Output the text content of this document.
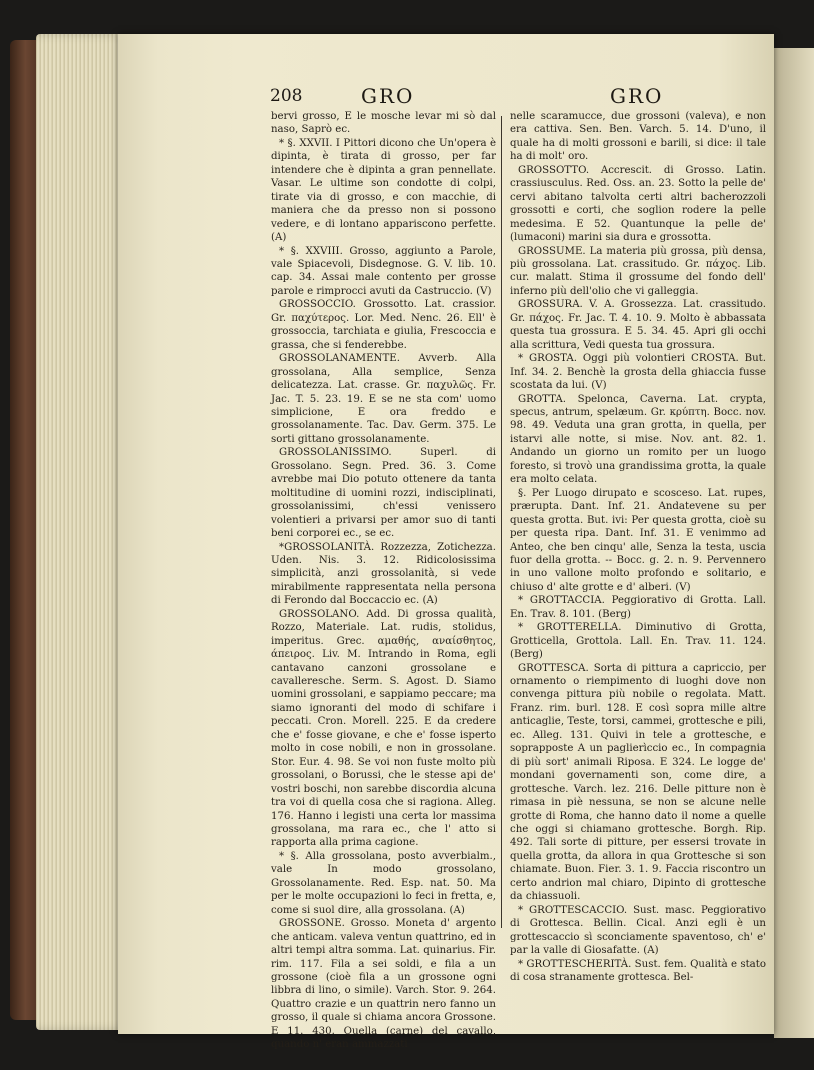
208	GRO	GRO

bervi grosso, E le mosche levar mi sò dal naso, Saprò ec.

* §. XXVII. I Pittori dicono che Un'opera è dipinta, è tirata di grosso, per far intendere che è dipinta a gran pennellate. Vasar. Le ultime son condotte di colpi, tirate via di grosso, e con macchie, di maniera che da presso non si possono vedere, e di lontano appariscono perfette. (A)

* §. XXVIII. Grosso, aggiunto a Parole, vale Spiacevoli, Disdegnose. G. V. lib. 10. cap. 34. Assai male contento per grosse parole e rimprocci avuti da Castruccio. (V)

GROSSOCCIO. Grossotto. Lat. crassior. Gr. παχύτερος. Lor. Med. Nenc. 26. Ell' è grossoccia, tarchiata e giulia, Frescoccia e grassa, che si fenderebbe.

GROSSOLANAMENTE. Avverb. Alla grossolana, Alla semplice, Senza delicatezza. Lat. crasse. Gr. παχυλῶς. Fr. Jac. T. 5. 23. 19. E se ne sta com' uomo simplicione, E ora freddo e grossolanamente. Tac. Dav. Germ. 375. Le sorti gittano grossolanamente.

GROSSOLANISSIMO. Superl. di Grossolano. Segn. Pred. 36. 3. Come avrebbe mai Dio potuto ottenere da tanta moltitudine di uomini rozzi, indisciplinati, grossolanissimi, ch'essi venissero volentieri a privarsi per amor suo di tanti beni corporei ec., se ec.

*GROSSOLANITÀ. Rozzezza, Zotichezza. Uden. Nis. 3. 12. Ridicolosissima simplicità, anzi grossolanità, si vede mirabilmente rappresentata nella persona di Ferondo dal Boccaccio ec. (A)

GROSSOLANO. Add. Di grossa qualità, Rozzo, Materiale. Lat. rudis, stolidus, imperitus. Grec. αμαθής, αναίσθητος, άπειρος. Liv. M. Intrando in Roma, egli cantavano canzoni grossolane e cavalleresche. Serm. S. Agost. D. Siamo uomini grossolani, e sappiamo peccare; ma siamo ignoranti del modo di schifare i peccati. Cron. Morell. 225. E da credere che e' fosse giovane, e che e' fosse isperto molto in cose nobili, e non in grossolane. Stor. Eur. 4. 98. Se voi non fuste molto più grossolani, o Borussi, che le stesse api de' vostri boschi, non sarebbe discordia alcuna tra voi di quella cosa che si ragiona. Alleg. 176. Hanno i legisti una certa lor massima grossolana, ma rara ec., che l' atto si rapporta alla prima cagione.

* §. Alla grossolana, posto avverbialm., vale In modo grossolano, Grossolanamente. Red. Esp. nat. 50. Ma per le molte occupazioni lo feci in fretta, e, come si suol dire, alla grossolana. (A)

GROSSONE. Grosso. Moneta d' argento che anticam. valeva ventun quattrino, ed in altri tempi altra somma. Lat. quinarius. Fir. rim. 117. Fila a sei soldi, e fila a un grossone (cioè fila a un grossone ogni libbra di lino, o simile). Varch. Stor. 9. 264. Quattro crazie e un quattrin nero fanno un grosso, il quale si chiama ancora Grossone. E 11. 430. Quella (carne) del cavallo, quando n' eran ammazzati

nelle scaramucce, due grossoni (valeva), e non era cattiva. Sen. Ben. Varch. 5. 14. D'uno, il quale ha di molti grossoni e barili, si dice: il tale ha di molt' oro.

GROSSOTTO. Accrescit. di Grosso. Latin. crassiusculus. Red. Oss. an. 23. Sotto la pelle de' cervi abitano talvolta certi altri bacherozzoli grossotti e corti, che soglion rodere la pelle medesima. E 52. Quantunque la pelle de' (lumaconi) marini sia dura e grossotta.

GROSSUME. La materia più grossa, più densa, più grossolana. Lat. crassitudo. Gr. πάχος. Lib. cur. malatt. Stima il grossume del fondo dell' inferno più dell'olio che vi galleggia.

GROSSURA. V. A. Grossezza. Lat. crassitudo. Gr. πάχος. Fr. Jac. T. 4. 10. 9. Molto è abbassata questa tua grossura. E 5. 34. 45. Apri gli occhi alla scrittura, Vedi questa tua grossura.

* GROSTA. Oggi più volontieri CROSTA. But. Inf. 34. 2. Benchè la grosta della ghiaccia fusse scostata da lui. (V)

GROTTA. Spelonca, Caverna. Lat. crypta, specus, antrum, spelæum. Gr. κρύπτη. Bocc. nov. 98. 49. Veduta una gran grotta, in quella, per istarvi alle notte, si mise. Nov. ant. 82. 1. Andando un giorno un romito per un luogo foresto, si trovò una grandissima grotta, la quale era molto celata.

§. Per Luogo dirupato e scosceso. Lat. rupes, prærupta. Dant. Inf. 21. Andatevene su per questa grotta. But. ivi: Per questa grotta, cioè su per questa ripa. Dant. Inf. 31. E venimmo ad Anteo, che ben cinqu' alle, Senza la testa, uscia fuor della grotta. -- Bocc. g. 2. n. 9. Pervennero in uno vallone molto profondo e solitario, e chiuso d' alte grotte e d' alberi. (V)

* GROTTACCIA. Peggiorativo di Grotta. Lall. En. Trav. 8. 101. (Berg)

* GROTTERELLA. Diminutivo di Grotta, Grotticella, Grottola. Lall. En. Trav. 11. 124. (Berg)

GROTTESCA. Sorta di pittura a capriccio, per ornamento o riempimento di luoghi dove non convenga pittura più nobile o regolata. Matt. Franz. rim. burl. 128. E così sopra mille altre anticaglie, Teste, torsi, cammei, grottesche e pili, ec. Alleg. 131. Quivi in tele a grottesche, e soprapposte A un paglierìccio ec., In compagnia di più sort' animali Riposa. E 324. Le logge de' mondani governamenti son, come dire, a grottesche. Varch. lez. 216. Delle pitture non è rimasa in piè nessuna, se non se alcune nelle grotte di Roma, che hanno dato il nome a quelle che oggi si chiamano grottesche. Borgh. Rip. 492. Tali sorte di pitture, per essersi trovate in quella grotta, da allora in qua Grottesche si son chiamate. Buon. Fier. 3. 1. 9. Faccia riscontro un certo andrion mal chiaro, Dipinto di grottesche da chiassuoli.

* GROTTESCACCIO. Sust. masc. Peggiorativo di Grottesca. Bellin. Cical. Anzi egli è un grottescaccio sì sconciamente spaventoso, ch' e' par la valle di Giosafatte. (A)

* GROTTESCHERITÀ. Sust. fem. Qualità e stato di cosa stranamente grottesca. Bel-
